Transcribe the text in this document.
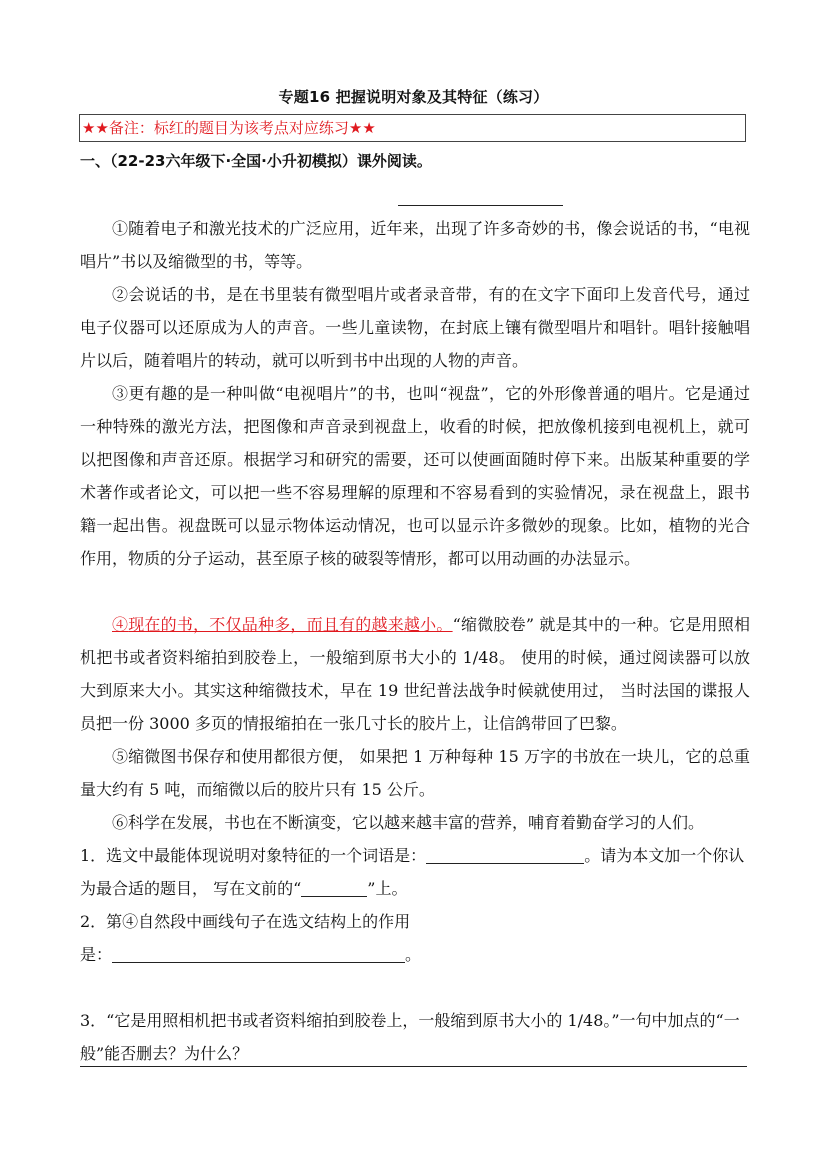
专题16 把握说明对象及其特征（练习）
★★备注：标红的题目为该考点对应练习★★
一、（22-23六年级下·全国·小升初模拟）课外阅读。

①随着电子和激光技术的广泛应用，近年来，出现了许多奇妙的书，像会说话的书，“电视唱片”书以及缩微型的书，等等。

②会说话的书，是在书里装有微型唱片或者录音带，有的在文字下面印上发音代号，通过电子仪器可以还原成为人的声音。一些儿童读物，在封底上镶有微型唱片和唱针。唱针接触唱片以后，随着唱片的转动，就可以听到书中出现的人物的声音。

③更有趣的是一种叫做“电视唱片”的书，也叫“视盘”，它的外形像普通的唱片。它是通过一种特殊的激光方法，把图像和声音录到视盘上，收看的时候，把放像机接到电视机上，就可以把图像和声音还原。根据学习和研究的需要，还可以使画面随时停下来。出版某种重要的学术著作或者论文，可以把一些不容易理解的原理和不容易看到的实验情况，录在视盘上，跟书籍一起出售。视盘既可以显示物体运动情况，也可以显示许多微妙的现象。比如，植物的光合作用，物质的分子运动，甚至原子核的破裂等情形，都可以用动画的办法显示。

④现在的书，不仅品种多，而且有的越来越小。“缩微胶卷” 就是其中的一种。它是用照相机把书或者资料缩拍到胶卷上，一般缩到原书大小的 1/48。 使用的时候，通过阅读器可以放大到原来大小。其实这种缩微技术，早在 19 世纪普法战争时候就使用过， 当时法国的谍报人员把一份 3000 多页的情报缩拍在一张几寸长的胶片上，让信鸽带回了巴黎。

⑤缩微图书保存和使用都很方便， 如果把 1 万种每种 15 万字的书放在一块儿，它的总重量大约有 5 吨，而缩微以后的胶片只有 15 公斤。

⑥科学在发展，书也在不断演变，它以越来越丰富的营养，哺育着勤奋学习的人们。

1．选文中最能体现说明对象特征的一个词语是：	。请为本文加一个你认为最合适的题目， 写在文前的“	”上。

2．第④自然段中画线句子在选文结构上的作用
是：	。

3．“它是用照相机把书或者资料缩拍到胶卷上，一般缩到原书大小的 1/48。”一句中加点的“一般”能否删去？为什么？
